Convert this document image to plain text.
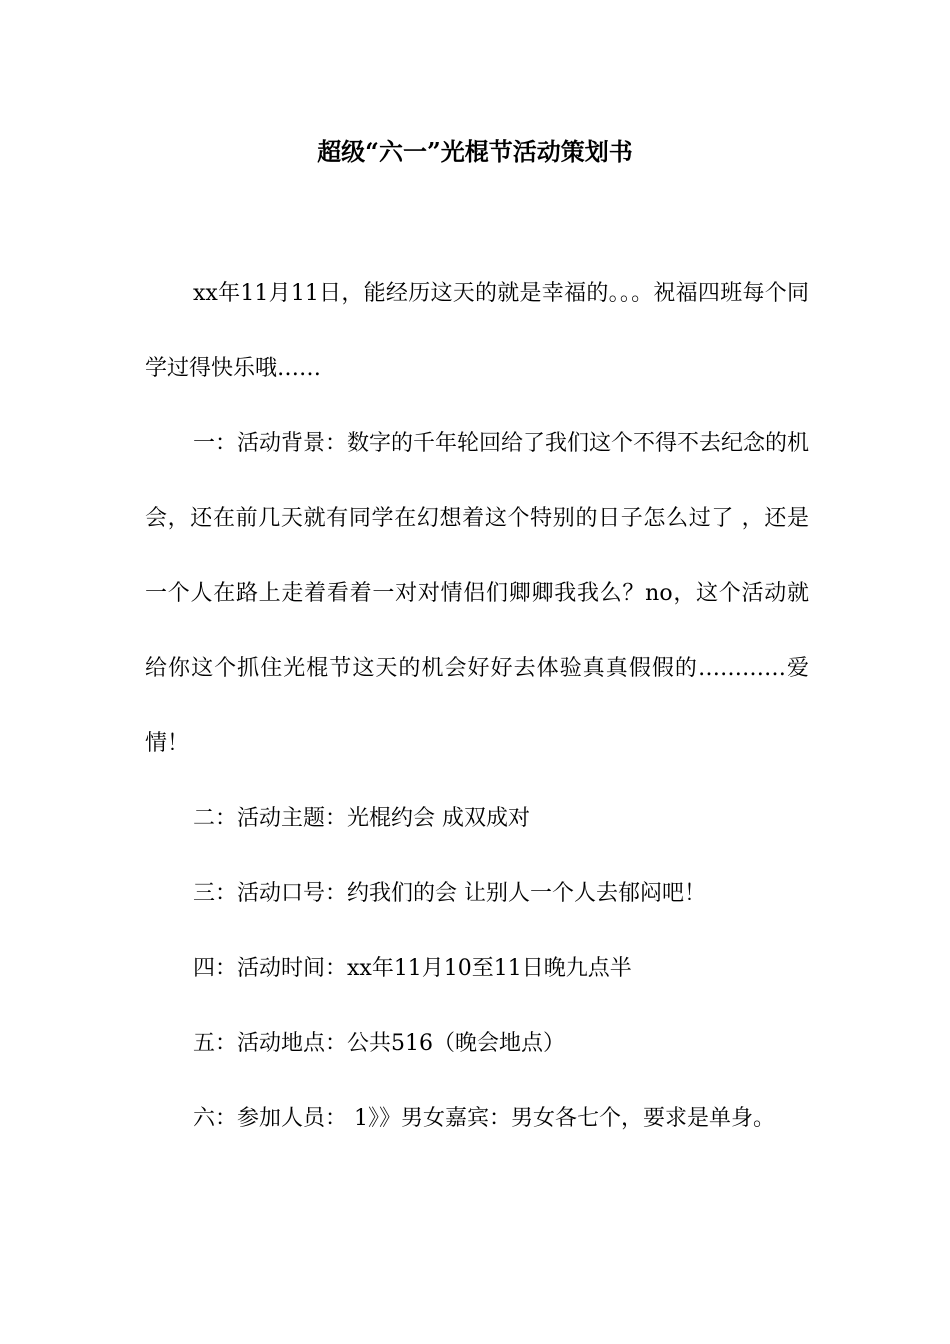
超级“六一”光棍节活动策划书

xx年11月11日，能经历这天的就是幸福的。。。祝福四班每个同学过得快乐哦……

一：活动背景：数字的千年轮回给了我们这个不得不去纪念的机会，还在前几天就有同学在幻想着这个特别的日子怎么过了 ，还是一个人在路上走着看着一对对情侣们卿卿我我么？no，这个活动就给你这个抓住光棍节这天的机会好好去体验真真假假的…………爱情！

二：活动主题：光棍约会 成双成对

三：活动口号：约我们的会 让别人一个人去郁闷吧！

四：活动时间：xx年11月10至11日晚九点半

五：活动地点：公共516（晚会地点）

六：参加人员： 1》》男女嘉宾：男女各七个，要求是单身。
